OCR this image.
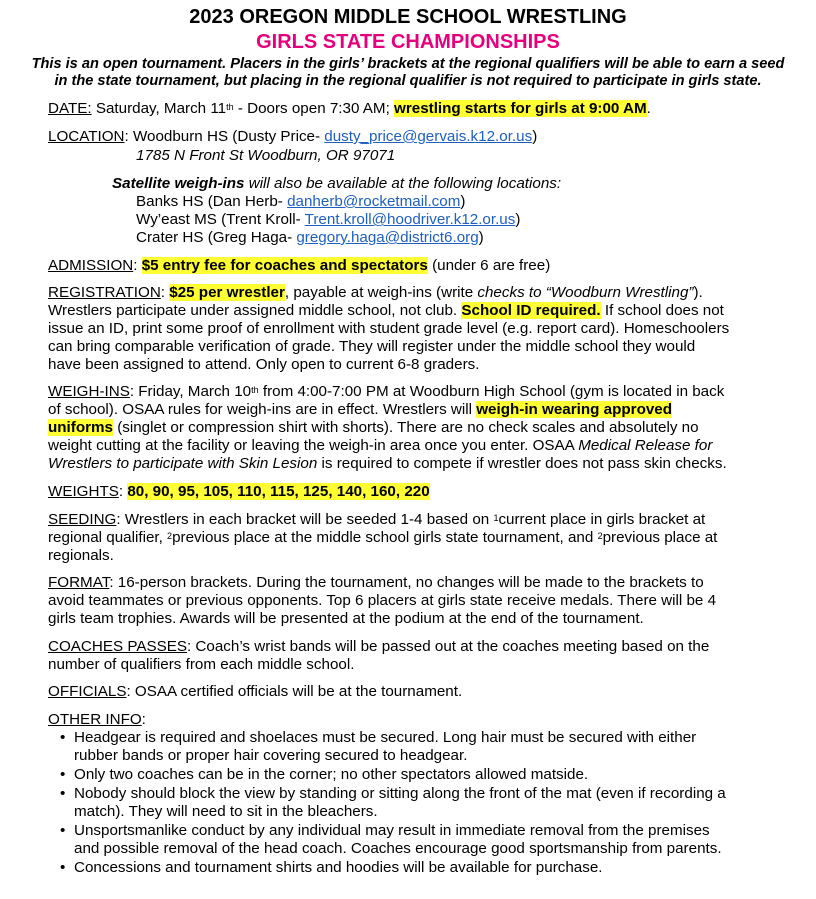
2023 OREGON MIDDLE SCHOOL WRESTLING
GIRLS STATE CHAMPIONSHIPS
This is an open tournament. Placers in the girls’ brackets at the regional qualifiers will be able to earn a seed
in the state tournament, but placing in the regional qualifier is not required to participate in girls state.
DATE: Saturday, March 11th - Doors open 7:30 AM; wrestling starts for girls at 9:00 AM.
LOCATION: Woodburn HS (Dusty Price- dusty_price@gervais.k12.or.us)
1785 N Front St Woodburn, OR 97071
Satellite weigh-ins will also be available at the following locations:
Banks HS (Dan Herb- danherb@rocketmail.com)
Wy’east MS (Trent Kroll- Trent.kroll@hoodriver.k12.or.us)
Crater HS (Greg Haga- gregory.haga@district6.org)
ADMISSION: $5 entry fee for coaches and spectators (under 6 are free)
REGISTRATION: $25 per wrestler, payable at weigh-ins (write checks to “Woodburn Wrestling”).
Wrestlers participate under assigned middle school, not club. School ID required. If school does not
issue an ID, print some proof of enrollment with student grade level (e.g. report card). Homeschoolers
can bring comparable verification of grade. They will register under the middle school they would
have been assigned to attend. Only open to current 6-8 graders.
WEIGH-INS: Friday, March 10th from 4:00-7:00 PM at Woodburn High School (gym is located in back
of school). OSAA rules for weigh-ins are in effect. Wrestlers will weigh-in wearing approved
uniforms (singlet or compression shirt with shorts). There are no check scales and absolutely no
weight cutting at the facility or leaving the weigh-in area once you enter. OSAA Medical Release for
Wrestlers to participate with Skin Lesion is required to compete if wrestler does not pass skin checks.
WEIGHTS: 80, 90, 95, 105, 110, 115, 125, 140, 160, 220
SEEDING: Wrestlers in each bracket will be seeded 1-4 based on $^1$current place in girls bracket at
regional qualifier, $^2$previous place at the middle school girls state tournament, and $^2$previous place at
regionals.
FORMAT: 16-person brackets. During the tournament, no changes will be made to the brackets to
avoid teammates or previous opponents. Top 6 placers at girls state receive medals. There will be 4
girls team trophies. Awards will be presented at the podium at the end of the tournament.
COACHES PASSES: Coach’s wrist bands will be passed out at the coaches meeting based on the
number of qualifiers from each middle school.
OFFICIALS: OSAA certified officials will be at the tournament.
OTHER INFO:
• Headgear is required and shoelaces must be secured. Long hair must be secured with either
rubber bands or proper hair covering secured to headgear.
• Only two coaches can be in the corner; no other spectators allowed matside.
• Nobody should block the view by standing or sitting along the front of the mat (even if recording a
match). They will need to sit in the bleachers.
• Unsportsmanlike conduct by any individual may result in immediate removal from the premises
and possible removal of the head coach. Coaches encourage good sportsmanship from parents.
• Concessions and tournament shirts and hoodies will be available for purchase.
